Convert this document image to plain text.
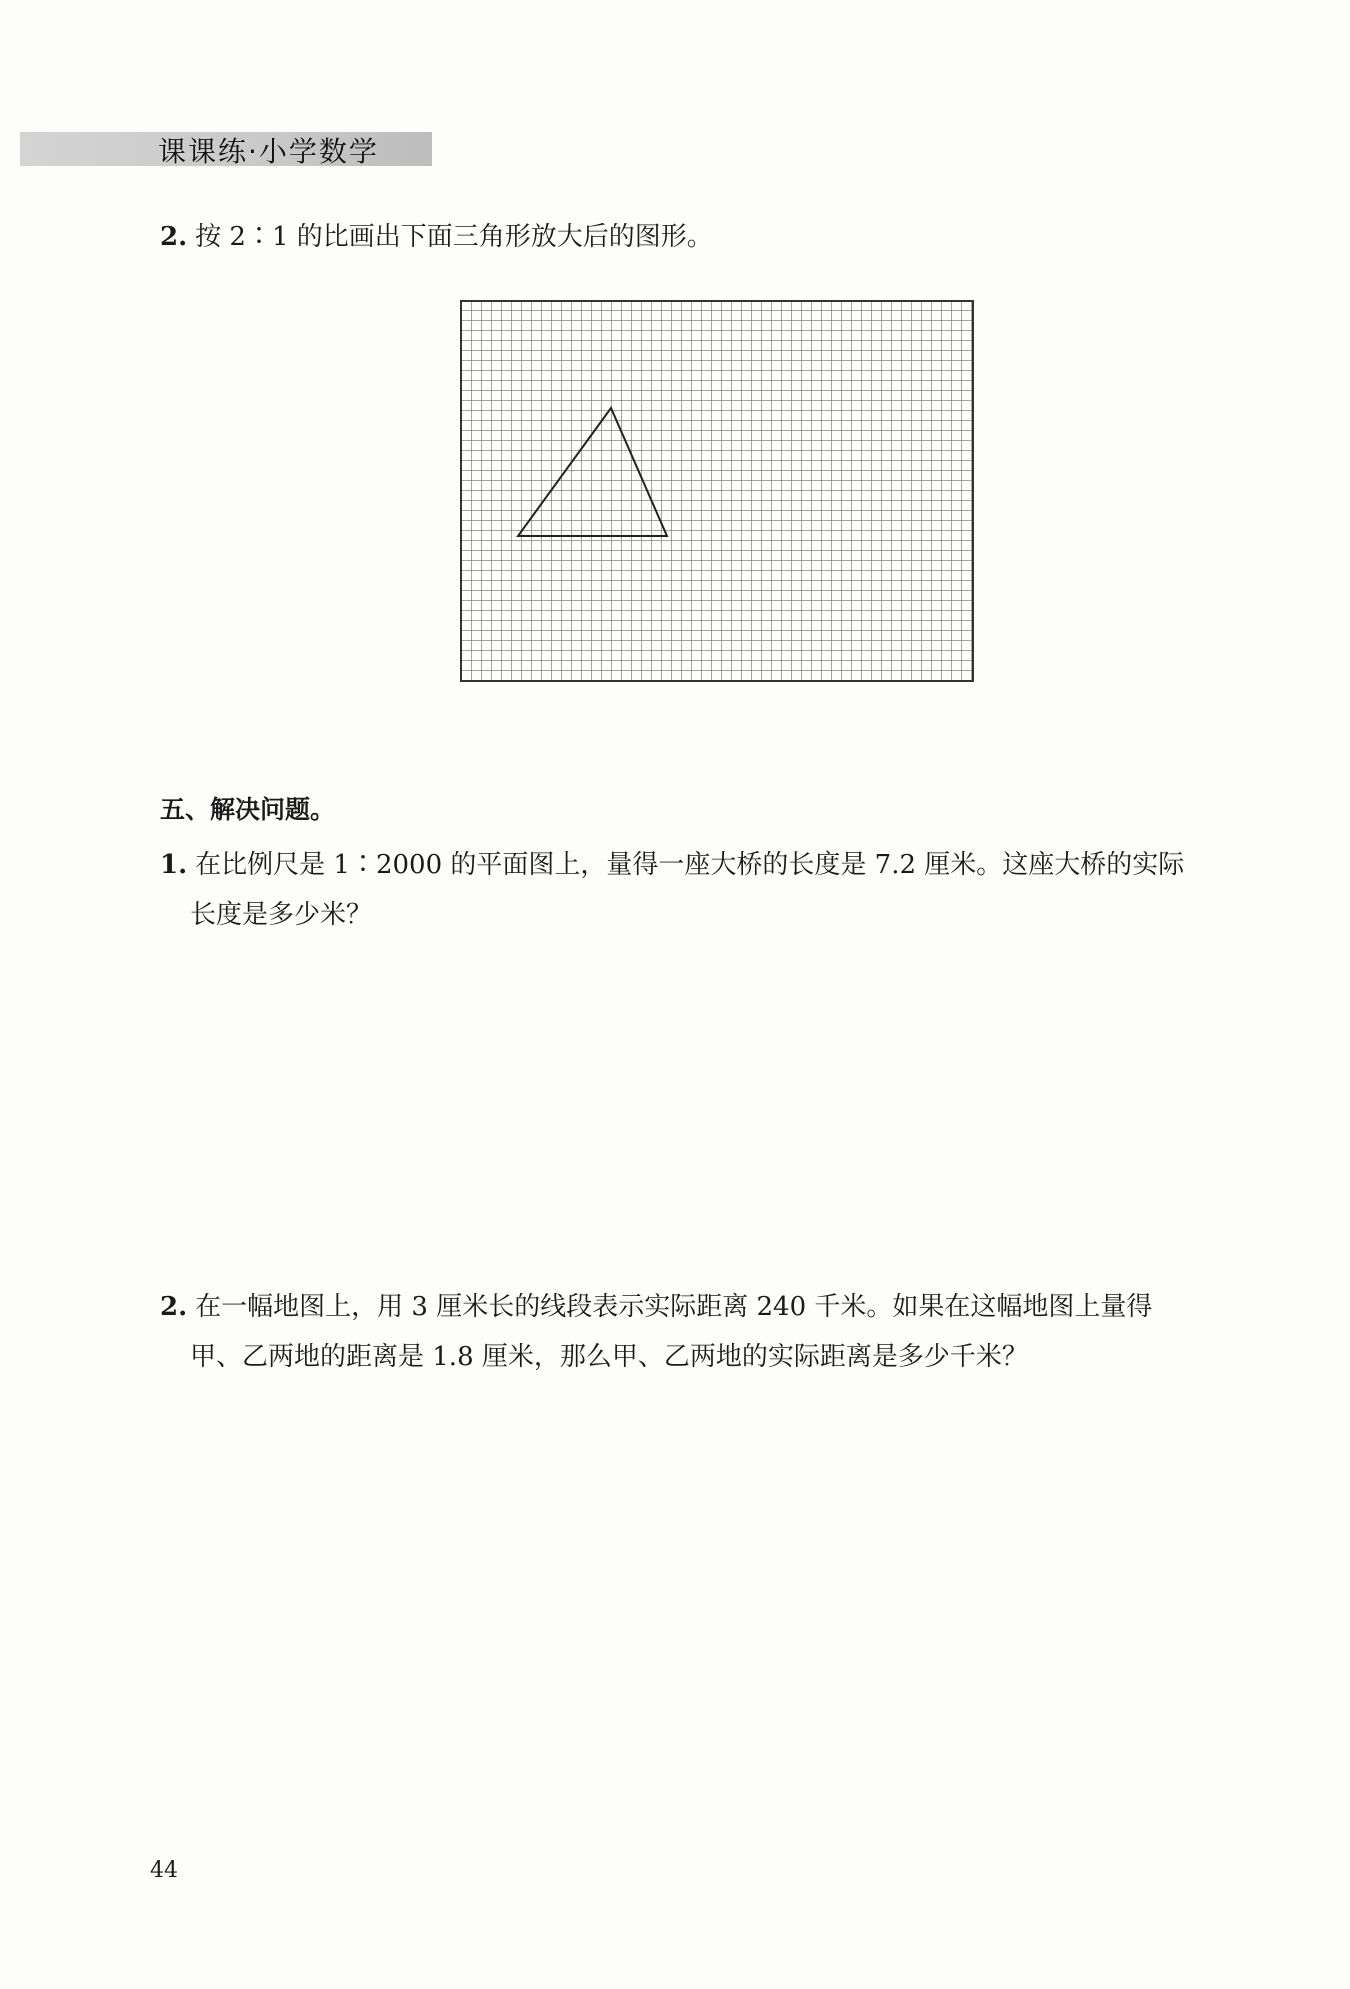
课课练·小学数学
2. 按 2∶1 的比画出下面三角形放大后的图形。
五、解决问题。
1. 在比例尺是 1∶2000 的平面图上，量得一座大桥的长度是 7.2 厘米。这座大桥的实际
长度是多少米？
2. 在一幅地图上，用 3 厘米长的线段表示实际距离 240 千米。如果在这幅地图上量得
甲、乙两地的距离是 1.8 厘米，那么甲、乙两地的实际距离是多少千米？
44
